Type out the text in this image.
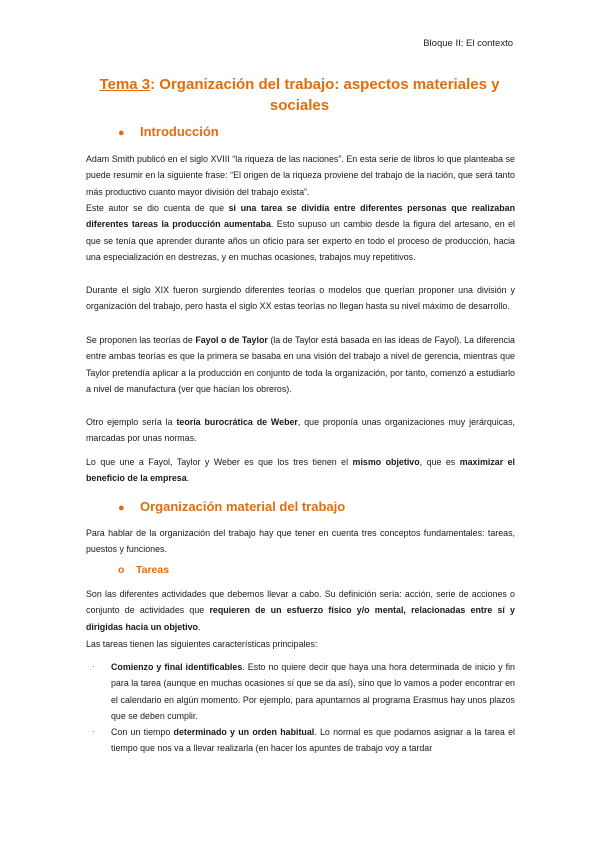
Bloque II: El contexto
Tema 3: Organización del trabajo: aspectos materiales y sociales
● Introducción

Adam Smith publicó en el siglo XVIII “la riqueza de las naciones”. En esta serie de libros lo que planteaba se puede resumir en la siguiente frase: “El origen de la riqueza proviene del trabajo de la nación, que será tanto más productivo cuanto mayor división del trabajo exista”.

Este autor se dio cuenta de que si una tarea se dividía entre diferentes personas que realizaban diferentes tareas la producción aumentaba. Esto supuso un cambio desde la figura del artesano, en el que se tenía que aprender durante años un oficio para ser experto en todo el proceso de producción, hacia una especialización en destrezas, y en muchas ocasiones, trabajos muy repetitivos.

Durante el siglo XIX fueron surgiendo diferentes teorías o modelos que querían proponer una división y organización del trabajo, pero hasta el siglo XX estas teorías no llegan hasta su nivel máximo de desarrollo.

Se proponen las teorías de Fayol o de Taylor (la de Taylor está basada en las ideas de Fayol). La diferencia entre ambas teorías es que la primera se basaba en una visión del trabajo a nivel de gerencia, mientras que Taylor pretendía aplicar a la producción en conjunto de toda la organización, por tanto, comenzó a estudiarlo a nivel de manufactura (ver que hacían los obreros).

Otro ejemplo sería la teoría burocrática de Weber, que proponía unas organizaciones muy jerárquicas, marcadas por unas normas.

Lo que une a Fayol, Taylor y Weber es que los tres tienen el mismo objetivo, que es maximizar el beneficio de la empresa.

● Organización material del trabajo

Para hablar de la organización del trabajo hay que tener en cuenta tres conceptos fundamentales: tareas, puestos y funciones.

o Tareas

Son las diferentes actividades que debemos llevar a cabo. Su definición sería: acción, serie de acciones o conjunto de actividades que requieren de un esfuerzo físico y/o mental, relacionadas entre sí y dirigidas hacia un objetivo.

Las tareas tienen las siguientes características principales:

· Comienzo y final identificables. Esto no quiere decir que haya una hora determinada de inicio y fin para la tarea (aunque en muchas ocasiones sí que se da así), sino que lo vamos a poder encontrar en el calendario en algún momento. Por ejemplo, para apuntarnos al programa Erasmus hay unos plazos que se deben cumplir.
· Con un tiempo determinado y un orden habitual. Lo normal es que podamos asignar a la tarea el tiempo que nos va a llevar realizarla (en hacer los apuntes de trabajo voy a tardar
